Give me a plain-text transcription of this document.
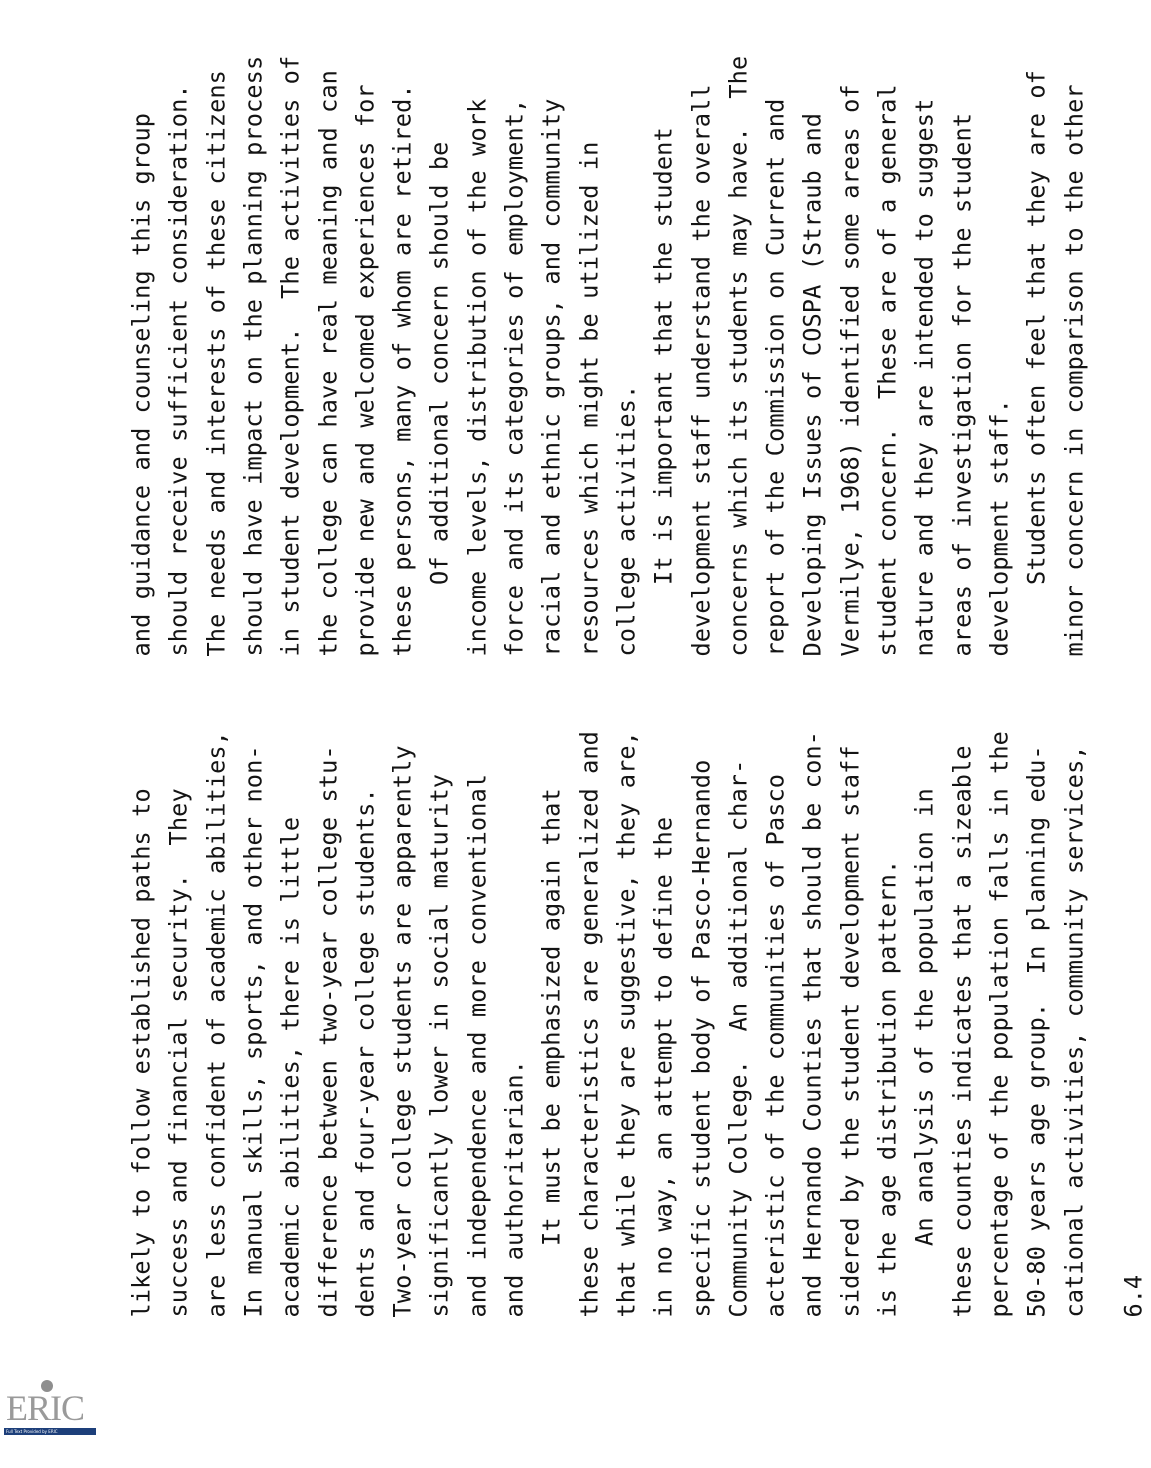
likely to follow established paths to success and financial security.  They are less confident of academic abilities, In manual skills, sports, and other non- academic abilities, there is little difference between two-year college stu- dents and four-year college students. Two-year college students are apparently significantly lower in social maturity and independence and more conventional and authoritarian. It must be emphasized again that these characteristics are generalized and that while they are suggestive, they are, in no way, an attempt to define the specific student body of Pasco-Hernando Community College.  An additional char- acteristic of the communities of Pasco and Hernando Counties that should be con- sidered by the student development staff is the age distribution pattern. An analysis of the population in these counties indicates that a sizeable percentage of the population falls in the 50-80 years age group.  In planning edu- cational activities, community services,
and guidance and counseling this group should receive sufficient consideration. The needs and interests of these citizens should have impact on the planning process in student development.  The activities of the college can have real meaning and can provide new and welcomed experiences for these persons, many of whom are retired. Of additional concern should be income levels, distribution of the work force and its categories of employment, racial and ethnic groups, and community resources which might be utilized in college activities. It is important that the student development staff understand the overall concerns which its students may have.  The report of the Commission on Current and Developing Issues of COSPA (Straub and Vermilye, 1968) identified some areas of student concern.  These are of a general nature and they are intended to suggest areas of investigation for the student development staff. Students often feel that they are of minor concern in comparison to the other
6.4
ERIC
Full Text Provided by ERIC
